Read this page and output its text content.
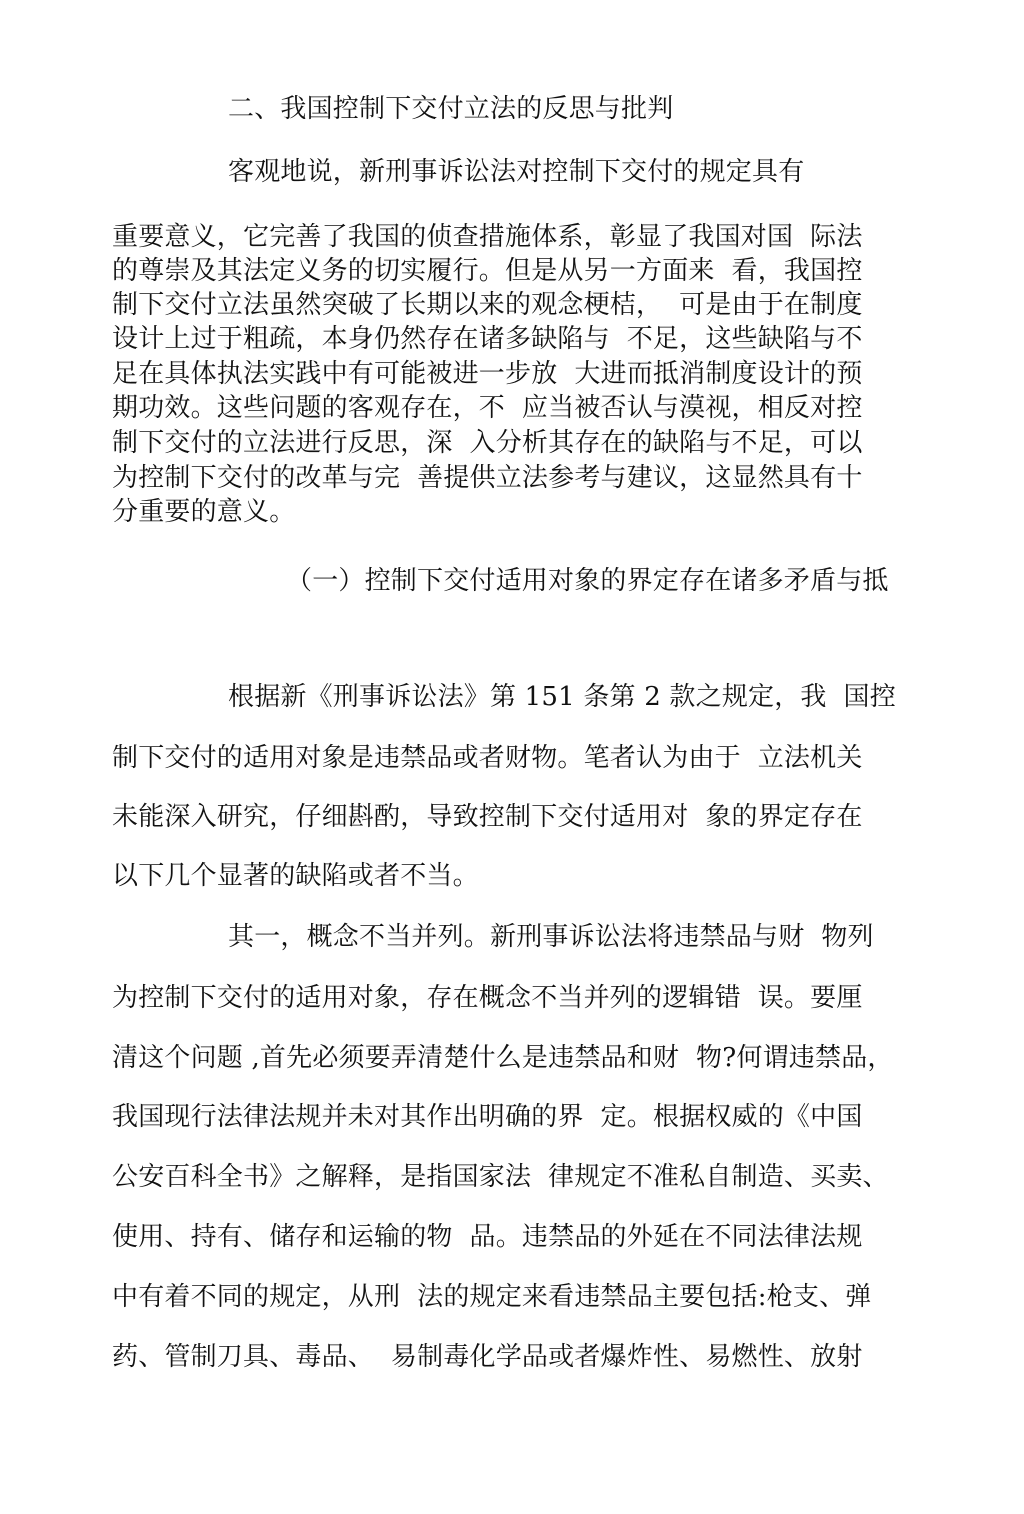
二、我国控制下交付立法的反思与批判
客观地说，新刑事诉讼法对控制下交付的规定具有
重要意义，它完善了我国的侦查措施体系，彰显了我国对国  际法
的尊崇及其法定义务的切实履行。但是从另一方面来  看，我国控
制下交付立法虽然突破了长期以来的观念梗桔，  可是由于在制度
设计上过于粗疏，本身仍然存在诸多缺陷与  不足，这些缺陷与不
足在具体执法实践中有可能被进一步放  大进而抵消制度设计的预
期功效。这些问题的客观存在，不  应当被否认与漠视，相反对控
制下交付的立法进行反思，深  入分析其存在的缺陷与不足，可以
为控制下交付的改革与完  善提供立法参考与建议，这显然具有十
分重要的意义。
（一）控制下交付适用对象的界定存在诸多矛盾与抵
根据新《刑事诉讼法》第 151 条第 2 款之规定，我  国控
制下交付的适用对象是违禁品或者财物。笔者认为由于  立法机关
未能深入研究，仔细斟酌，导致控制下交付适用对  象的界定存在
以下几个显著的缺陷或者不当。
其一，概念不当并列。新刑事诉讼法将违禁品与财  物列
为控制下交付的适用对象，存在概念不当并列的逻辑错  误。要厘
清这个问题 ,首先必须要弄清楚什么是违禁品和财  物?何谓违禁品，
我国现行法律法规并未对其作出明确的界  定。根据权威的《中国
公安百科全书》之解释，是指国家法  律规定不准私自制造、买卖、
使用、持有、储存和运输的物  品。违禁品的外延在不同法律法规
中有着不同的规定，从刑  法的规定来看违禁品主要包括:枪支、弹
药、管制刀具、毒品、  易制毒化学品或者爆炸性、易燃性、放射
